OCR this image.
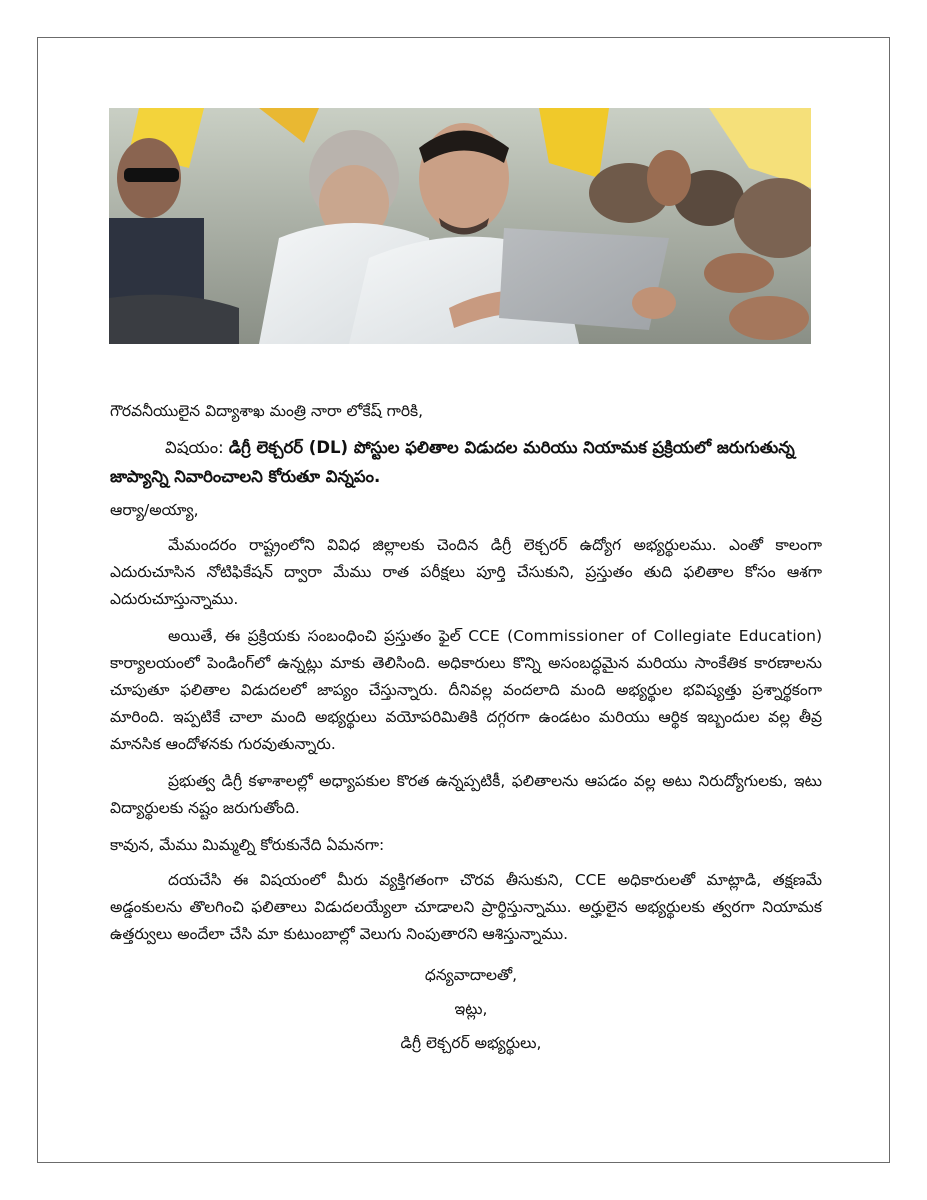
గౌరవనీయులైన విద్యాశాఖ మంత్రి నారా లోకేష్ గారికి,

విషయం: డిగ్రీ లెక్చరర్ (DL) పోస్టుల ఫలితాల విడుదల మరియు నియామక ప్రక్రియలో జరుగుతున్న జాప్యాన్ని నివారించాలని కోరుతూ విన్నపం.

ఆర్యా/అయ్యా,

మేమందరం రాష్ట్రంలోని వివిధ జిల్లాలకు చెందిన డిగ్రీ లెక్చరర్ ఉద్యోగ అభ్యర్థులము. ఎంతో కాలంగా ఎదురుచూసిన నోటిఫికేషన్ ద్వారా మేము రాత పరీక్షలు పూర్తి చేసుకుని, ప్రస్తుతం తుది ఫలితాల కోసం ఆశగా ఎదురుచూస్తున్నాము.

అయితే, ఈ ప్రక్రియకు సంబంధించి ప్రస్తుతం ఫైల్ CCE (Commissioner of Collegiate Education) కార్యాలయంలో పెండింగ్‌లో ఉన్నట్లు మాకు తెలిసింది. అధికారులు కొన్ని అసంబద్ధమైన మరియు సాంకేతిక కారణాలను చూపుతూ ఫలితాల విడుదలలో జాప్యం చేస్తున్నారు. దీనివల్ల వందలాది మంది అభ్యర్థుల భవిష్యత్తు ప్రశ్నార్థకంగా మారింది. ఇప్పటికే చాలా మంది అభ్యర్థులు వయోపరిమితికి దగ్గరగా ఉండటం మరియు ఆర్థిక ఇబ్బందుల వల్ల తీవ్ర మానసిక ఆందోళనకు గురవుతున్నారు.

ప్రభుత్వ డిగ్రీ కళాశాలల్లో అధ్యాపకుల కొరత ఉన్నప్పటికీ, ఫలితాలను ఆపడం వల్ల అటు నిరుద్యోగులకు, ఇటు విద్యార్థులకు నష్టం జరుగుతోంది.

కావున, మేము మిమ్మల్ని కోరుకునేది ఏమనగా:

దయచేసి ఈ విషయంలో మీరు వ్యక్తిగతంగా చొరవ తీసుకుని, CCE అధికారులతో మాట్లాడి, తక్షణమే అడ్డంకులను తొలగించి ఫలితాలు విడుదలయ్యేలా చూడాలని ప్రార్థిస్తున్నాము. అర్హులైన అభ్యర్థులకు త్వరగా నియామక ఉత్తర్వులు అందేలా చేసి మా కుటుంబాల్లో వెలుగు నింపుతారని ఆశిస్తున్నాము.

ధన్యవాదాలతో,
ఇట్లు,
డిగ్రీ లెక్చరర్ అభ్యర్థులు,
